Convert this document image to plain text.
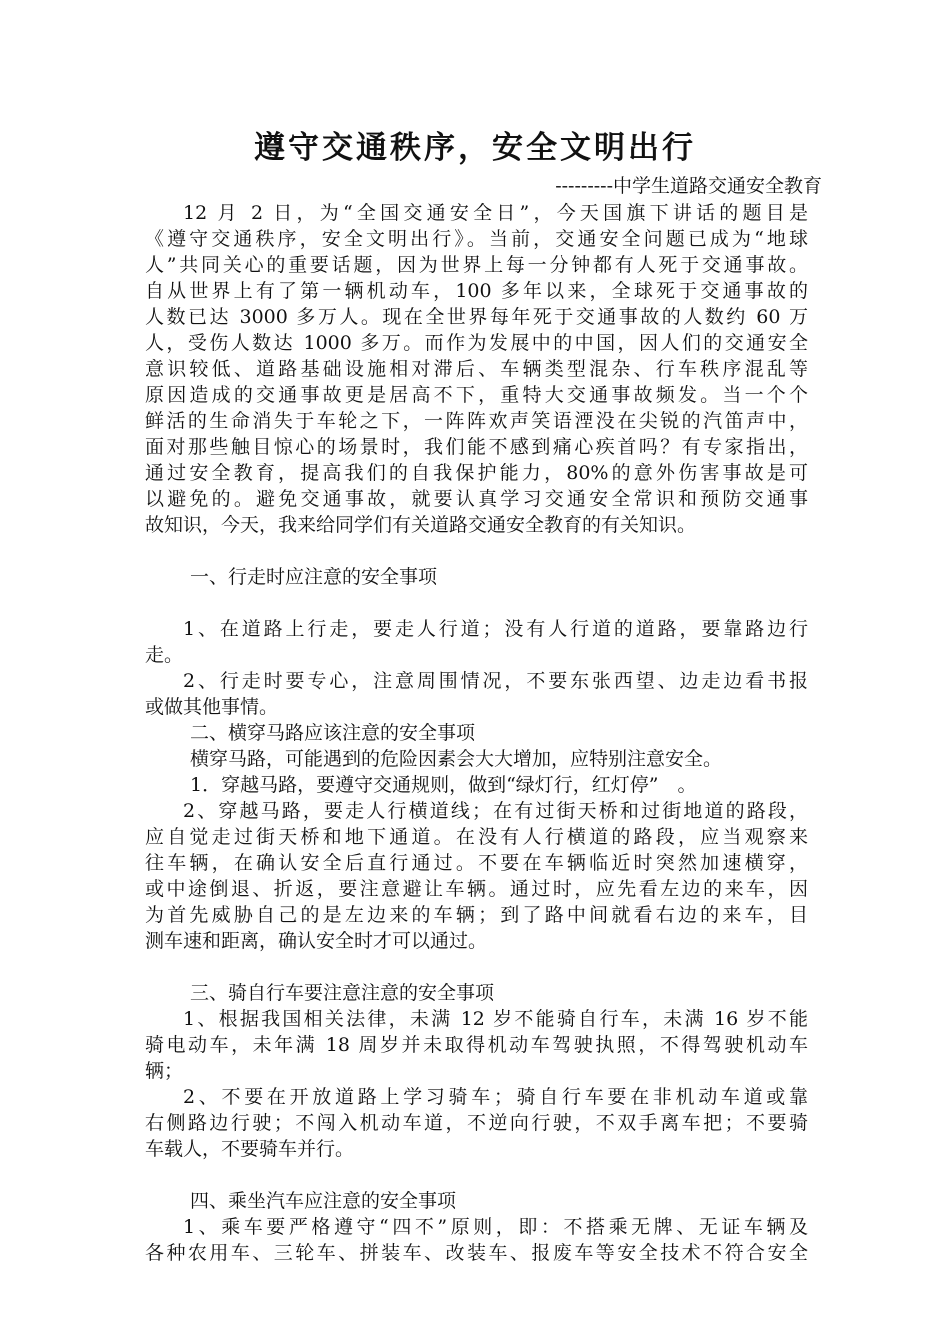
遵守交通秩序，安全文明出行

---------中学生道路交通安全教育

12 月 2 日，为“全国交通安全日”，今天国旗下讲话的题目是
《遵守交通秩序，安全文明出行》。当前，交通安全问题已成为“地球
人”共同关心的重要话题，因为世界上每一分钟都有人死于交通事故。
自从世界上有了第一辆机动车，100 多年以来，全球死于交通事故的
人数已达 3000 多万人。现在全世界每年死于交通事故的人数约 60 万
人，受伤人数达 1000 多万。而作为发展中的中国，因人们的交通安全
意识较低、道路基础设施相对滞后、车辆类型混杂、行车秩序混乱等
原因造成的交通事故更是居高不下，重特大交通事故频发。当一个个
鲜活的生命消失于车轮之下，一阵阵欢声笑语湮没在尖锐的汽笛声中，
面对那些触目惊心的场景时，我们能不感到痛心疾首吗？有专家指出，
通过安全教育，提高我们的自我保护能力，80%的意外伤害事故是可
以避免的。避免交通事故，就要认真学习交通安全常识和预防交通事
故知识，今天，我来给同学们有关道路交通安全教育的有关知识。
一、行走时应注意的安全事项
1、在道路上行走，要走人行道；没有人行道的道路，要靠路边行
走。
2、行走时要专心，注意周围情况，不要东张西望、边走边看书报
或做其他事情。
二、横穿马路应该注意的安全事项
横穿马路，可能遇到的危险因素会大大增加，应特别注意安全。
1．穿越马路，要遵守交通规则，做到“绿灯行，红灯停”　。
2、穿越马路，要走人行横道线；在有过街天桥和过街地道的路段，
应自觉走过街天桥和地下通道。在没有人行横道的路段，应当观察来
往车辆，在确认安全后直行通过。不要在车辆临近时突然加速横穿，
或中途倒退、折返，要注意避让车辆。通过时，应先看左边的来车，因
为首先威胁自己的是左边来的车辆；到了路中间就看右边的来车，目
测车速和距离，确认安全时才可以通过。
三、骑自行车要注意注意的安全事项
1、根据我国相关法律，未满 12 岁不能骑自行车，未满 16 岁不能
骑电动车，未年满 18 周岁并未取得机动车驾驶执照，不得驾驶机动车
辆；
2、不要在开放道路上学习骑车；骑自行车要在非机动车道或靠
右侧路边行驶；不闯入机动车道，不逆向行驶，不双手离车把；不要骑
车载人，不要骑车并行。
四、乘坐汽车应注意的安全事项
1、乘车要严格遵守“四不”原则，即：不搭乘无牌、无证车辆及
各种农用车、三轮车、拼装车、改装车、报废车等安全技术不符合安全
